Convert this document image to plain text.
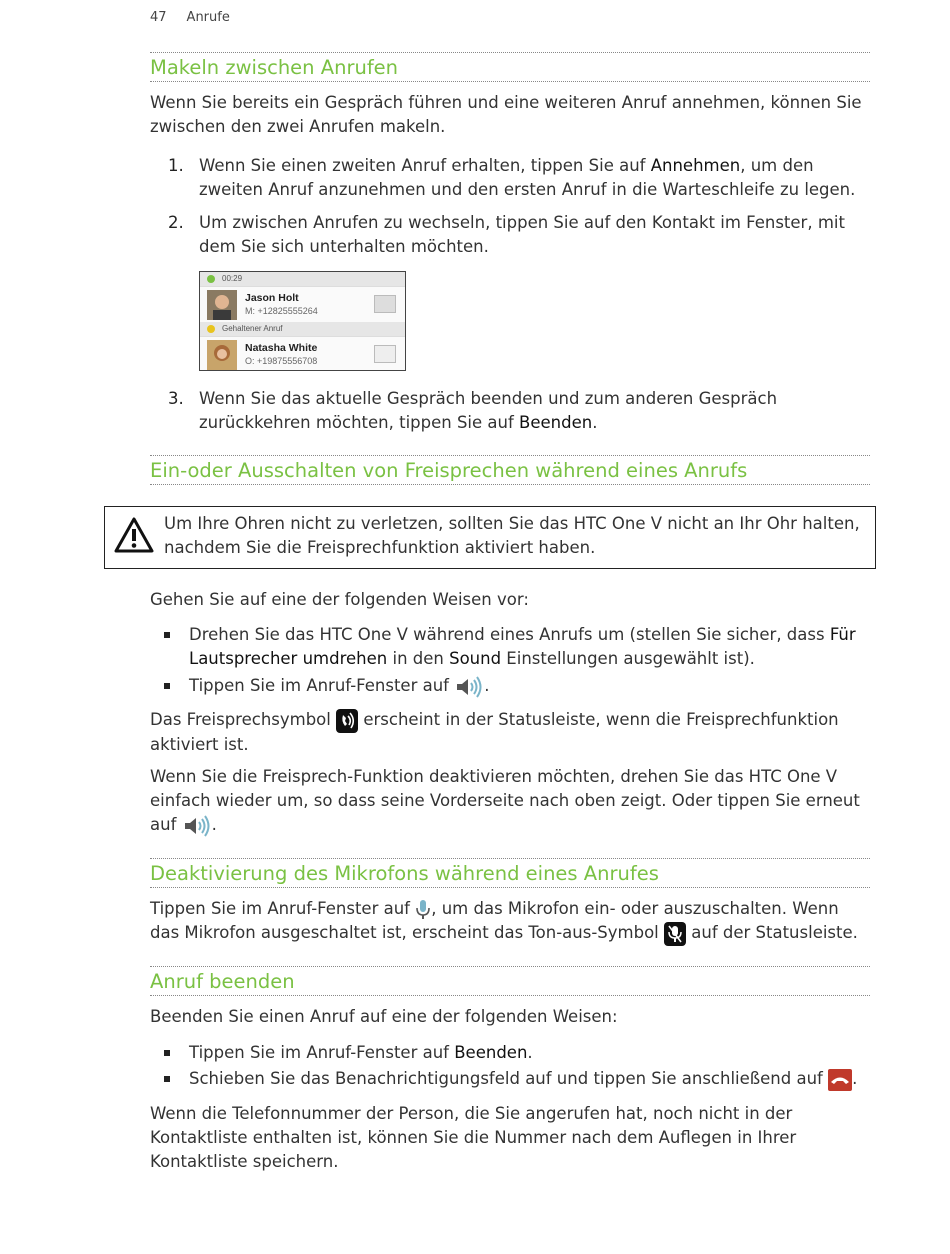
47 Anrufe
Makeln zwischen Anrufen
Wenn Sie bereits ein Gespräch führen und eine weiteren Anruf annehmen, können Sie zwischen den zwei Anrufen makeln.
1. Wenn Sie einen zweiten Anruf erhalten, tippen Sie auf Annehmen, um den zweiten Anruf anzunehmen und den ersten Anruf in die Warteschleife zu legen.
2. Um zwischen Anrufen zu wechseln, tippen Sie auf den Kontakt im Fenster, mit dem Sie sich unterhalten möchten.
00:29
Jason Holt
M: +12825555264
Gehaltener Anruf
Natasha White
O: +19875556708
3. Wenn Sie das aktuelle Gespräch beenden und zum anderen Gespräch zurückkehren möchten, tippen Sie auf Beenden.
Ein-oder Ausschalten von Freisprechen während eines Anrufs
Um Ihre Ohren nicht zu verletzen, sollten Sie das HTC One V nicht an Ihr Ohr halten, nachdem Sie die Freisprechfunktion aktiviert haben.
Gehen Sie auf eine der folgenden Weisen vor:
Drehen Sie das HTC One V während eines Anrufs um (stellen Sie sicher, dass Für Lautsprecher umdrehen in den Sound Einstellungen ausgewählt ist).
Tippen Sie im Anruf-Fenster auf .
Das Freisprechsymbol  erscheint in der Statusleiste, wenn die Freisprechfunktion aktiviert ist.
Wenn Sie die Freisprech-Funktion deaktivieren möchten, drehen Sie das HTC One V einfach wieder um, so dass seine Vorderseite nach oben zeigt. Oder tippen Sie erneut auf .
Deaktivierung des Mikrofons während eines Anrufes
Tippen Sie im Anruf-Fenster auf , um das Mikrofon ein- oder auszuschalten. Wenn das Mikrofon ausgeschaltet ist, erscheint das Ton-aus-Symbol  auf der Statusleiste.
Anruf beenden
Beenden Sie einen Anruf auf eine der folgenden Weisen:
Tippen Sie im Anruf-Fenster auf Beenden.
Schieben Sie das Benachrichtigungsfeld auf und tippen Sie anschließend auf .
Wenn die Telefonnummer der Person, die Sie angerufen hat, noch nicht in der Kontaktliste enthalten ist, können Sie die Nummer nach dem Auflegen in Ihrer Kontaktliste speichern.
